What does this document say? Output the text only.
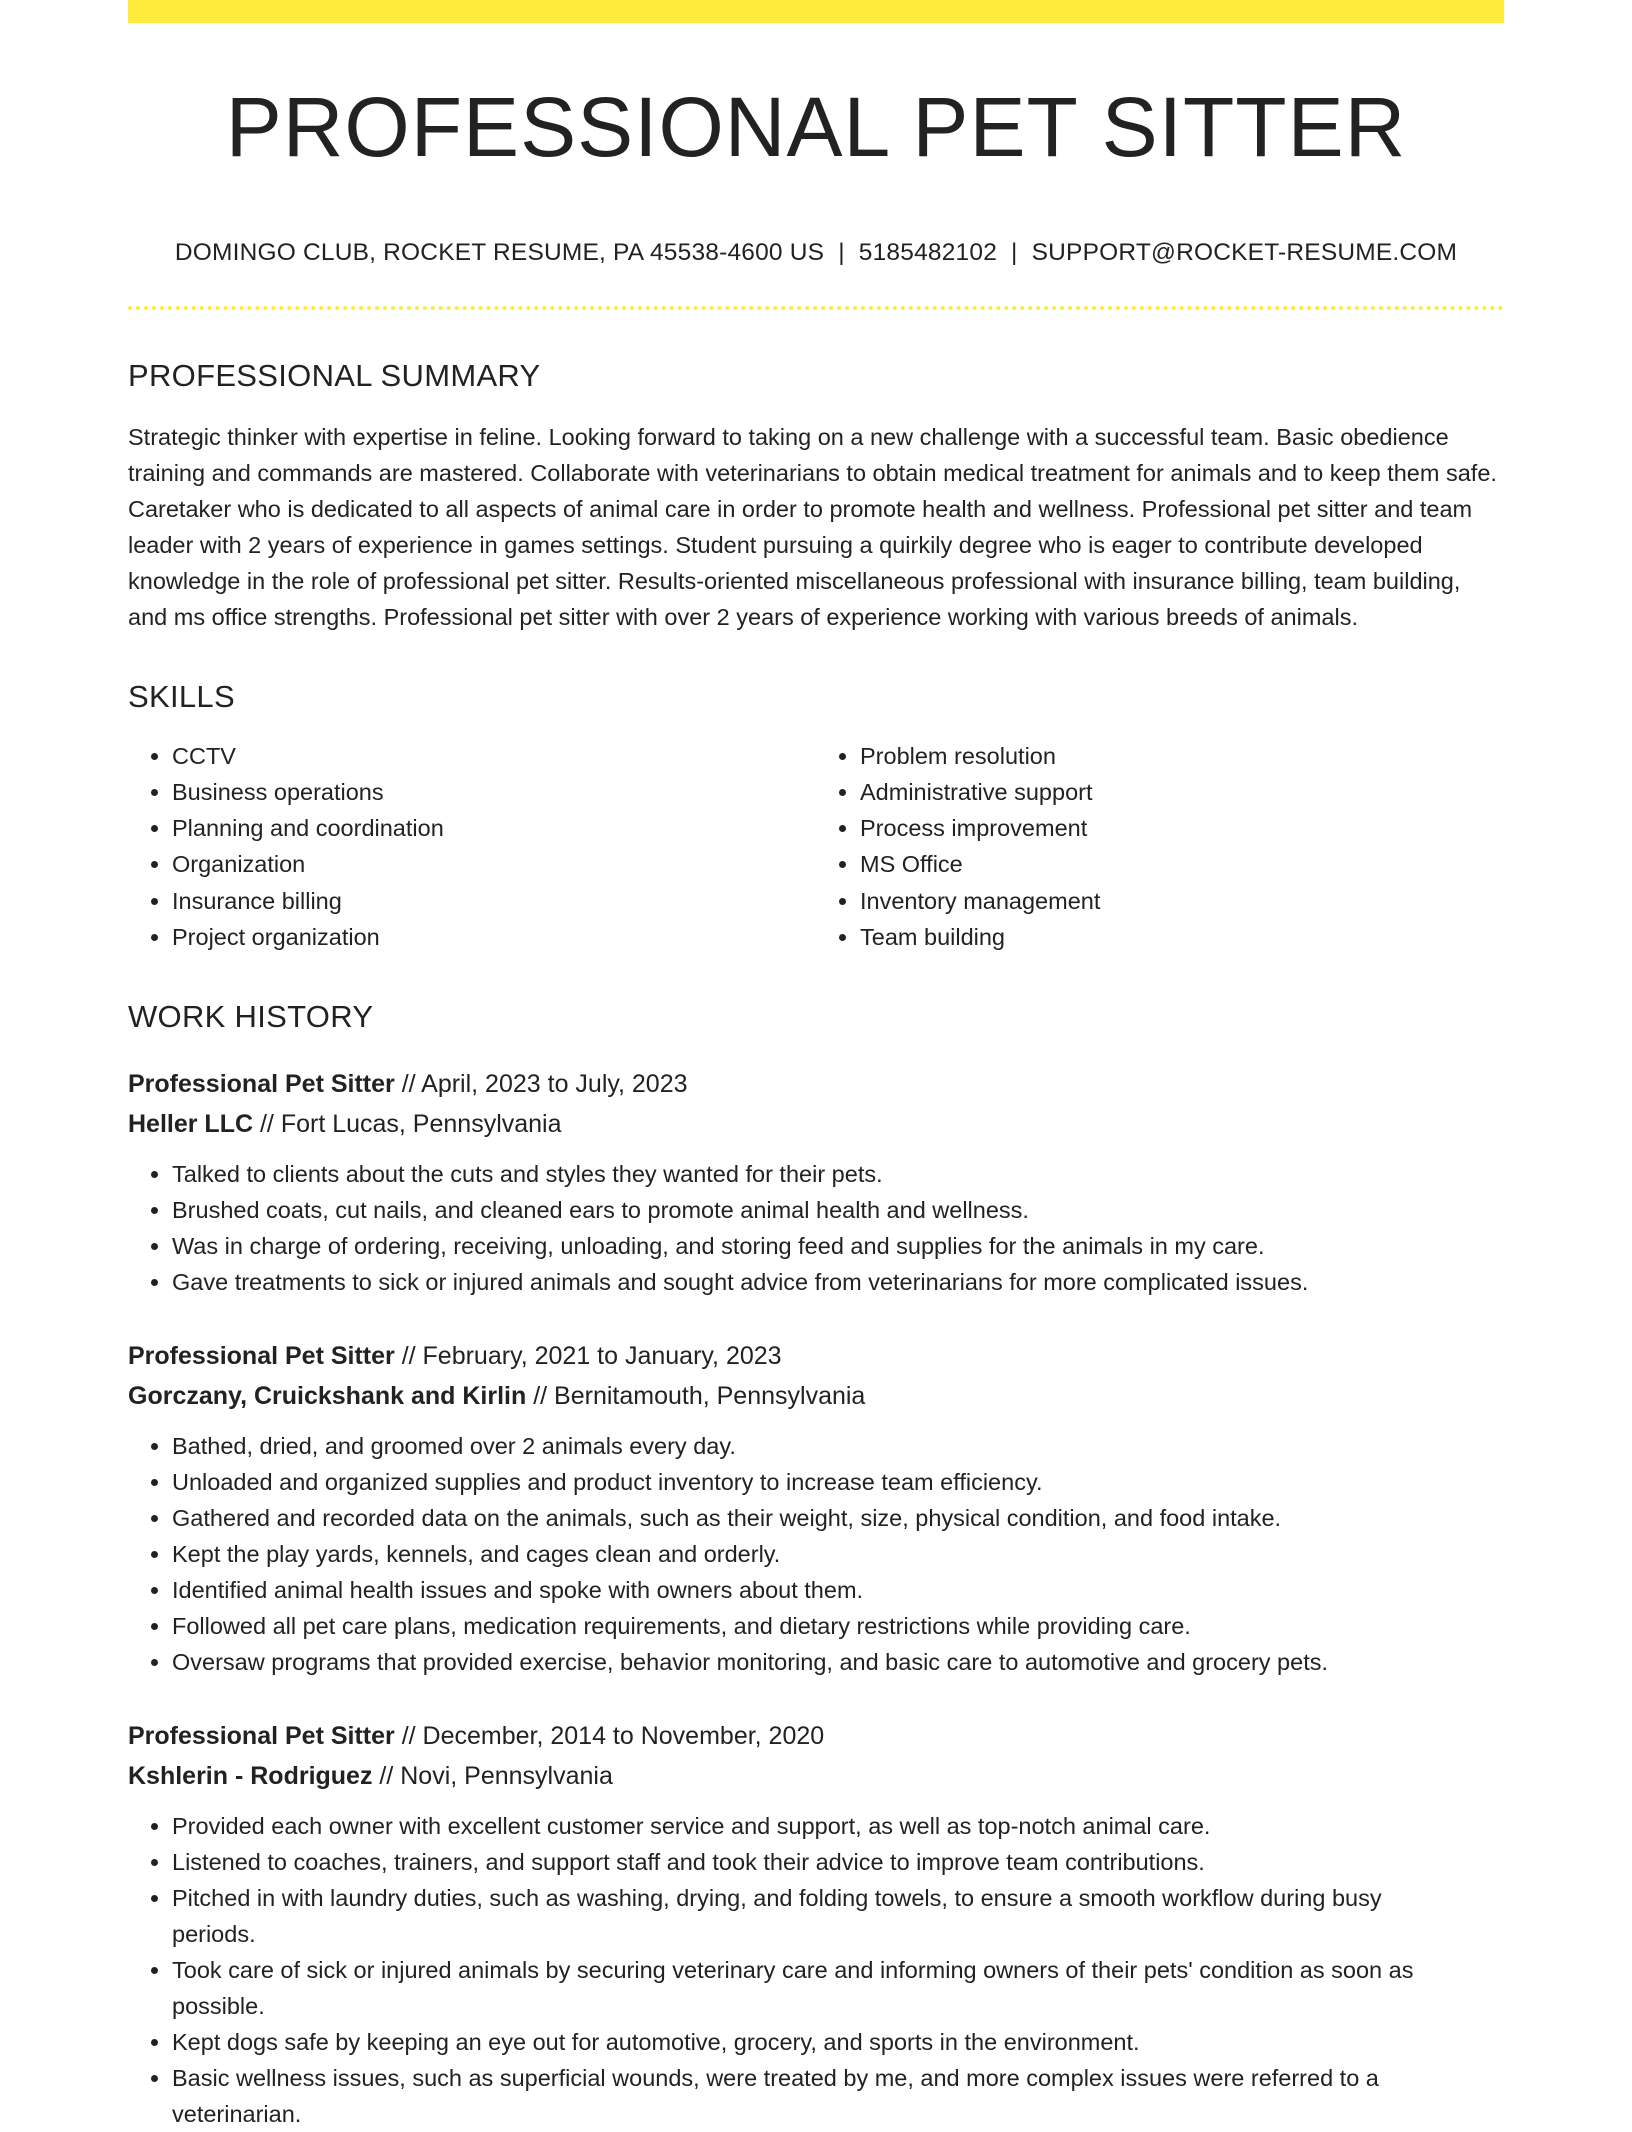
PROFESSIONAL PET SITTER
DOMINGO CLUB, ROCKET RESUME, PA 45538-4600 US | 5185482102 | SUPPORT@ROCKET-RESUME.COM
PROFESSIONAL SUMMARY

Strategic thinker with expertise in feline. Looking forward to taking on a new challenge with a successful team. Basic obedience training and commands are mastered. Collaborate with veterinarians to obtain medical treatment for animals and to keep them safe. Caretaker who is dedicated to all aspects of animal care in order to promote health and wellness. Professional pet sitter and team leader with 2 years of experience in games settings. Student pursuing a quirkily degree who is eager to contribute developed knowledge in the role of professional pet sitter. Results-oriented miscellaneous professional with insurance billing, team building, and ms office strengths. Professional pet sitter with over 2 years of experience working with various breeds of animals.

SKILLS
• CCTV
• Business operations
• Planning and coordination
• Organization
• Insurance billing
• Project organization
• Problem resolution
• Administrative support
• Process improvement
• MS Office
• Inventory management
• Team building
WORK HISTORY
Professional Pet Sitter // April, 2023 to July, 2023
Heller LLC // Fort Lucas, Pennsylvania
• Talked to clients about the cuts and styles they wanted for their pets.
• Brushed coats, cut nails, and cleaned ears to promote animal health and wellness.
• Was in charge of ordering, receiving, unloading, and storing feed and supplies for the animals in my care.
• Gave treatments to sick or injured animals and sought advice from veterinarians for more complicated issues.
Professional Pet Sitter // February, 2021 to January, 2023
Gorczany, Cruickshank and Kirlin // Bernitamouth, Pennsylvania
• Bathed, dried, and groomed over 2 animals every day.
• Unloaded and organized supplies and product inventory to increase team efficiency.
• Gathered and recorded data on the animals, such as their weight, size, physical condition, and food intake.
• Kept the play yards, kennels, and cages clean and orderly.
• Identified animal health issues and spoke with owners about them.
• Followed all pet care plans, medication requirements, and dietary restrictions while providing care.
• Oversaw programs that provided exercise, behavior monitoring, and basic care to automotive and grocery pets.
Professional Pet Sitter // December, 2014 to November, 2020
Kshlerin - Rodriguez // Novi, Pennsylvania
• Provided each owner with excellent customer service and support, as well as top-notch animal care.
• Listened to coaches, trainers, and support staff and took their advice to improve team contributions.
• Pitched in with laundry duties, such as washing, drying, and folding towels, to ensure a smooth workflow during busy periods.
• Took care of sick or injured animals by securing veterinary care and informing owners of their pets' condition as soon as possible.
• Kept dogs safe by keeping an eye out for automotive, grocery, and sports in the environment.
• Basic wellness issues, such as superficial wounds, were treated by me, and more complex issues were referred to a veterinarian.
